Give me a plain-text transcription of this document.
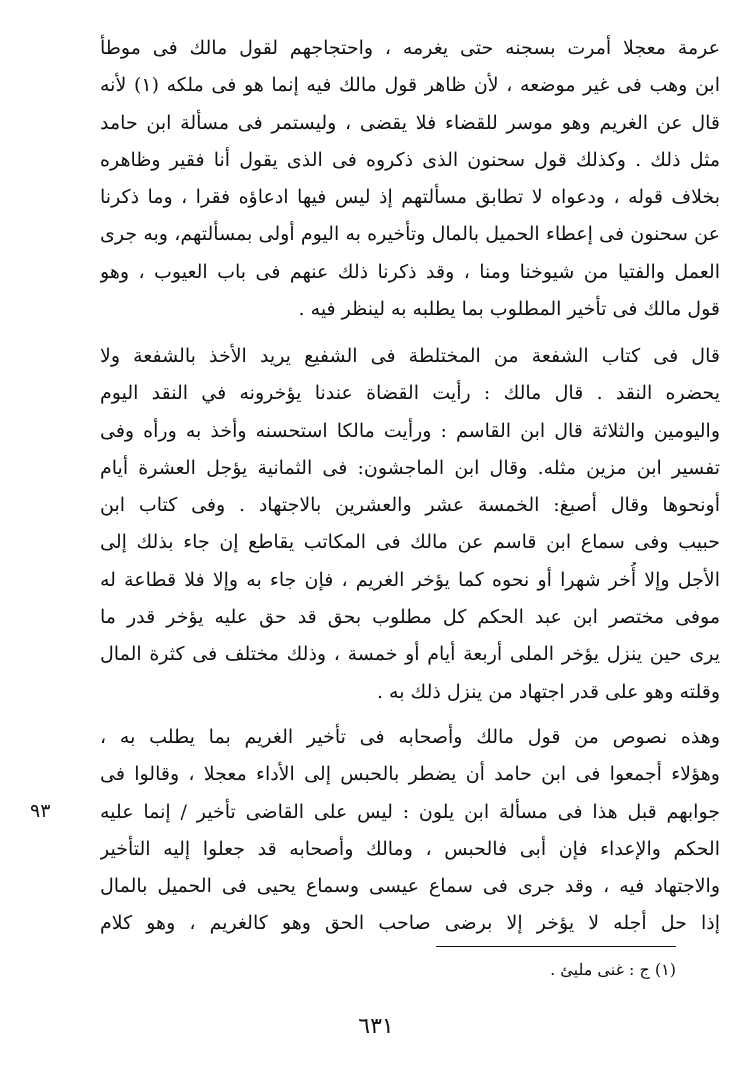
عرمة معجلا أمرت بسجنه حتى يغرمه ، واحتجاجهم لقول مالك فى موطأ
ابن وهب فى غير موضعه ، لأن ظاهر قول مالك فيه إنما هو فى ملكه (١) لأنه
قال عن الغريم وهو موسر للقضاء فلا يقضى ، وليستمر فى مسألة ابن حامد
مثل ذلك . وكذلك قول سحنون الذى ذكروه فى الذى يقول أنا فقير وظاهره
بخلاف قوله ، ودعواه لا تطابق مسألتهم إذ ليس فيها ادعاؤه فقرا ، وما ذكرنا
عن سحنون فى إعطاء الحميل بالمال وتأخيره به اليوم أولى بمسألتهم، وبه جرى
العمل والفتيا من شيوخنا ومنا ، وقد ذكرنا ذلك عنهم فى باب العيوب ، وهو
قول مالك فى تأخير المطلوب بما يطلبه به لينظر فيه .
قال فى كتاب الشفعة من المختلطة فى الشفيع يريد الأخذ بالشفعة ولا
يحضره النقد . قال مالك : رأيت القضاة عندنا يؤخرونه في النقد اليوم
واليومين والثلاثة قال ابن القاسم : ورأيت مالكا استحسنه وأخذ به ورأه وفى
تفسير ابن مزين مثله. وقال ابن الماجشون: فى الثمانية يؤجل العشرة أيام
أونحوها وقال أصبغ: الخمسة عشر والعشرين بالاجتهاد . وفى كتاب ابن
حبيب وفى سماع ابن قاسم عن مالك فى المكاتب يقاطع إن جاء بذلك إلى
الأجل وإلا أُخر شهرا أو نحوه كما يؤخر الغريم ، فإن جاء به وإلا فلا قطاعة له
موفى مختصر ابن عبد الحكم كل مطلوب بحق قد حق عليه يؤخر قدر ما
يرى حين ينزل يؤخر الملى أربعة أيام أو خمسة ، وذلك مختلف فى كثرة المال
وقلته وهو على قدر اجتهاد من ينزل ذلك به .
وهذه نصوص من قول مالك وأصحابه فى تأخير الغريم بما يطلب به ،
وهؤلاء أجمعوا فى ابن حامد أن يضطر بالحبس إلى الأداء معجلا ، وقالوا فى
جوابهم قبل هذا فى مسألة ابن يلون : ليس على القاضى تأخير / إنما عليه
الحكم والإعداء فإن أبى فالحبس ، ومالك وأصحابه قد جعلوا إليه التأخير
والاجتهاد فيه ، وقد جرى فى سماع عيسى وسماع يحيى فى الحميل بالمال
إذا حل أجله لا يؤخر إلا برضى صاحب الحق وهو كالغريم ، وهو كلام
٩٣
(١) ج : غنى مليئ .
٦٣١
